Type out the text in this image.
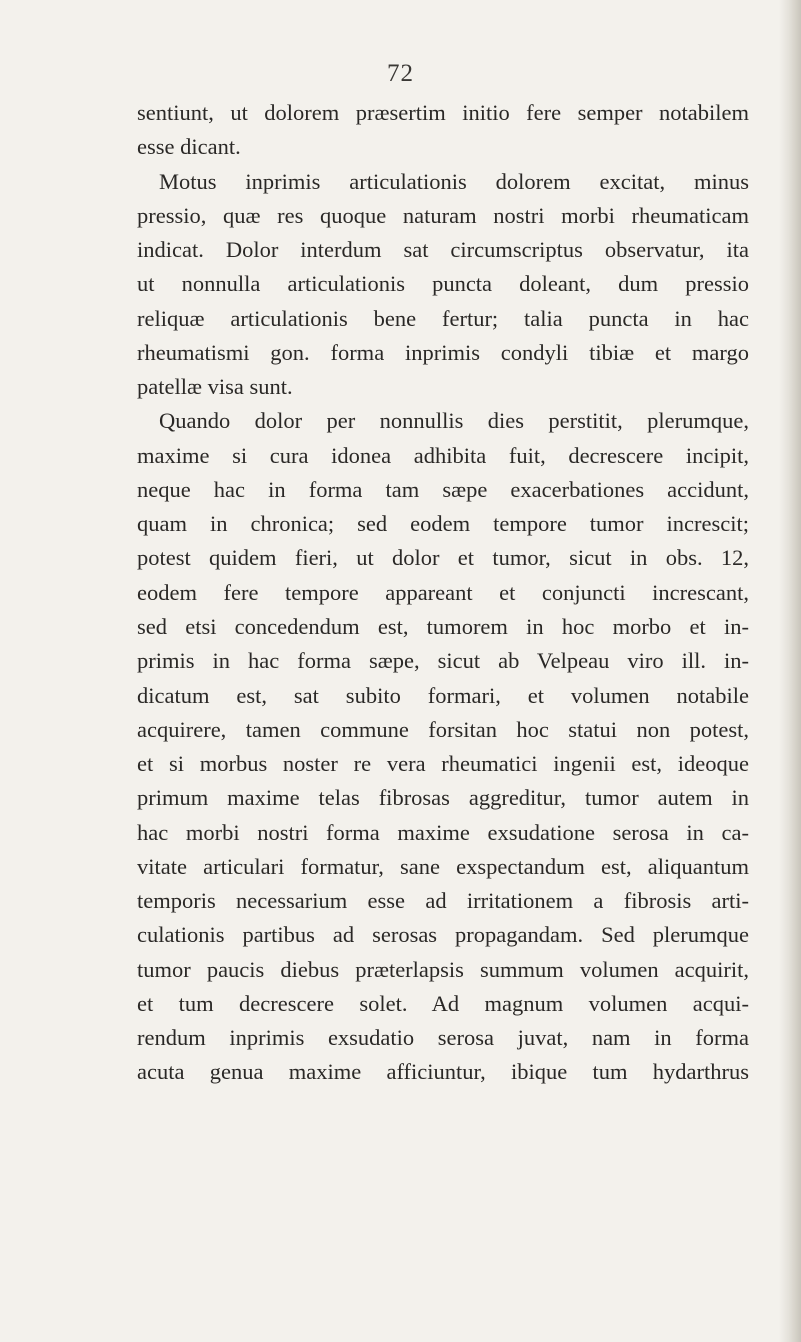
72
sentiunt, ut dolorem præsertim initio fere semper notabilem
esse dicant.
Motus inprimis articulationis dolorem excitat, minus
pressio, quæ res quoque naturam nostri morbi rheumaticam
indicat. Dolor interdum sat circumscriptus observatur, ita
ut nonnulla articulationis puncta doleant, dum pressio
reliquæ articulationis bene fertur; talia puncta in hac
rheumatismi gon. forma inprimis condyli tibiæ et margo
patellæ visa sunt.
Quando dolor per nonnullis dies perstitit, plerumque,
maxime si cura idonea adhibita fuit, decrescere incipit,
neque hac in forma tam sæpe exacerbationes accidunt,
quam in chronica; sed eodem tempore tumor increscit;
potest quidem fieri, ut dolor et tumor, sicut in obs. 12,
eodem fere tempore appareant et conjuncti increscant,
sed etsi concedendum est, tumorem in hoc morbo et in-
primis in hac forma sæpe, sicut ab Velpeau viro ill. in-
dicatum est, sat subito formari, et volumen notabile
acquirere, tamen commune forsitan hoc statui non potest,
et si morbus noster re vera rheumatici ingenii est, ideoque
primum maxime telas fibrosas aggreditur, tumor autem in
hac morbi nostri forma maxime exsudatione serosa in ca-
vitate articulari formatur, sane exspectandum est, aliquantum
temporis necessarium esse ad irritationem a fibrosis arti-
culationis partibus ad serosas propagandam. Sed plerumque
tumor paucis diebus præterlapsis summum volumen acquirit,
et tum decrescere solet. Ad magnum volumen acqui-
rendum inprimis exsudatio serosa juvat, nam in forma
acuta genua maxime afficiuntur, ibique tum hydarthrus
